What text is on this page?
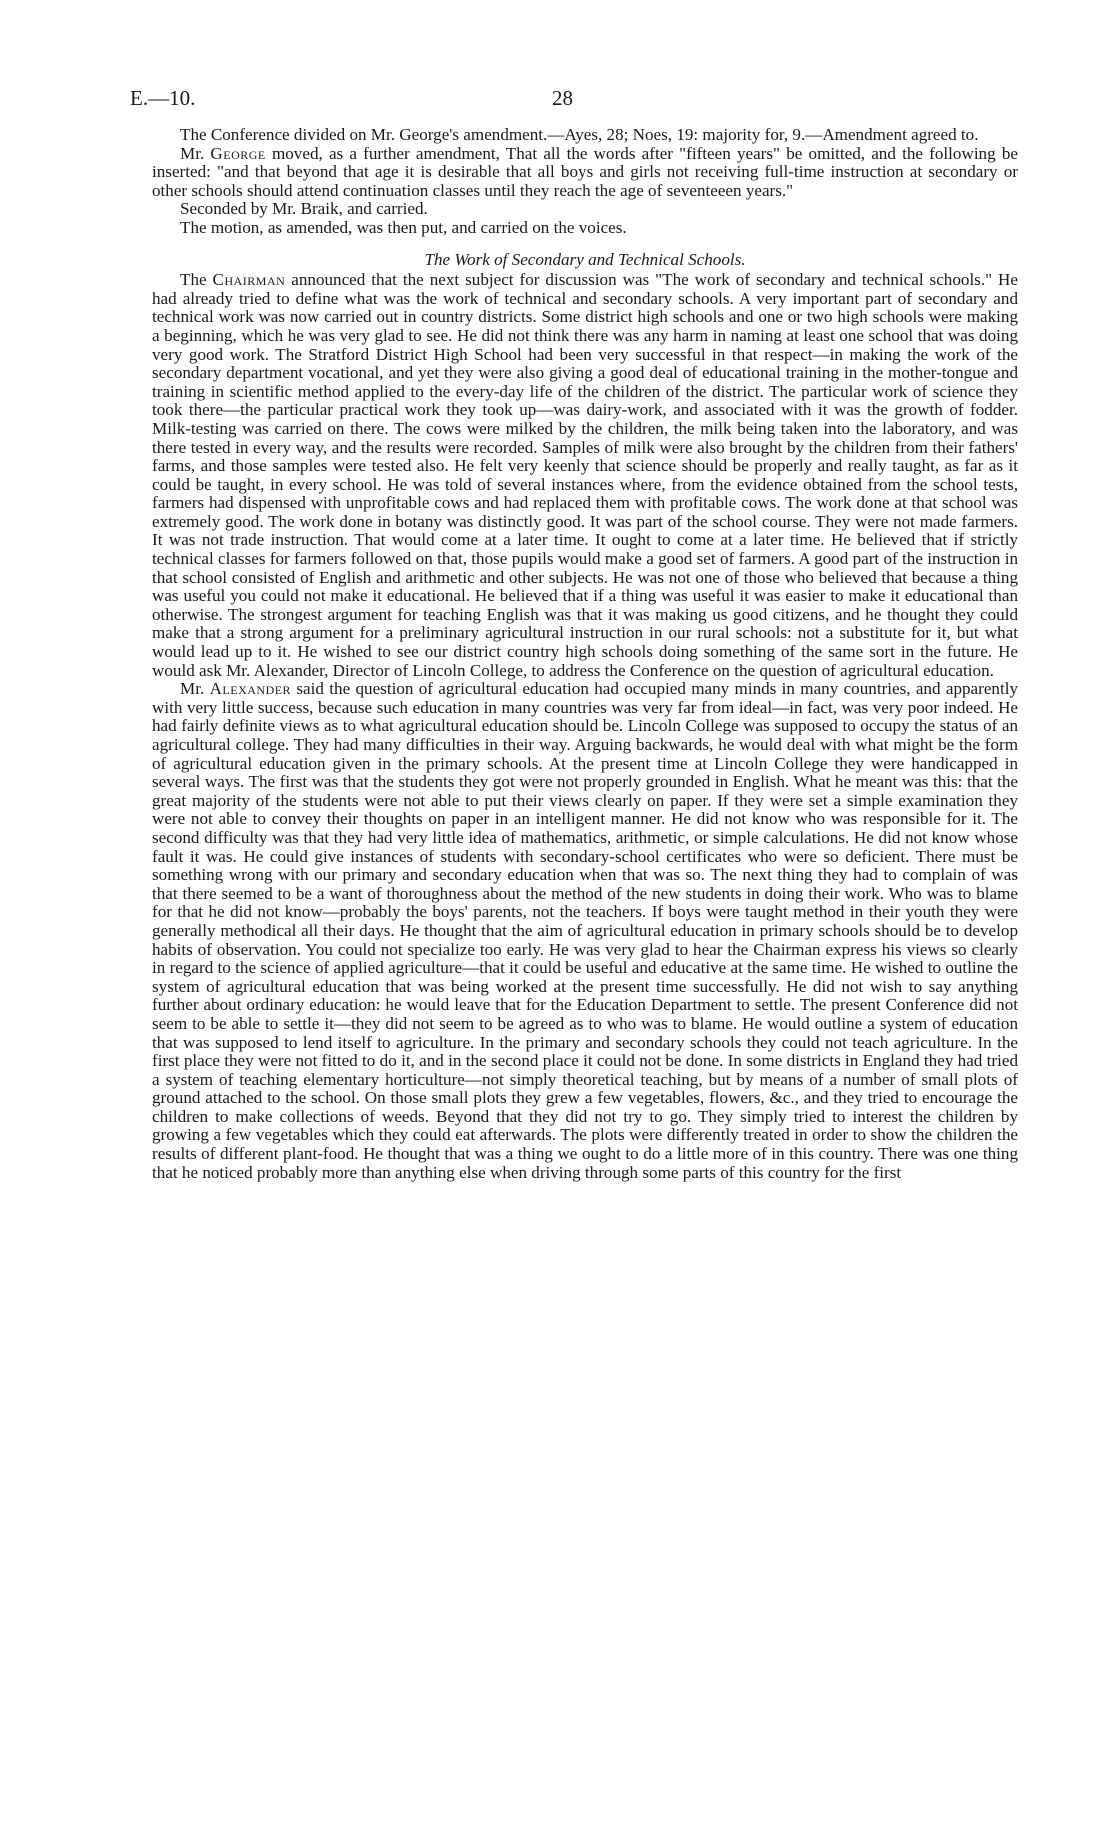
E.—10.	28

The Conference divided on Mr. George's amendment.—Ayes, 28; Noes, 19: majority for, 9.—Amendment agreed to.

Mr. George moved, as a further amendment, That all the words after "fifteen years" be omitted, and the following be inserted: "and that beyond that age it is desirable that all boys and girls not receiving full-time instruction at secondary or other schools should attend continuation classes until they reach the age of seventeeen years."

Seconded by Mr. Braik, and carried.

The motion, as amended, was then put, and carried on the voices.

The Work of Secondary and Technical Schools.

The Chairman announced that the next subject for discussion was "The work of secondary and technical schools." He had already tried to define what was the work of technical and secondary schools. A very important part of secondary and technical work was now carried out in country districts. Some district high schools and one or two high schools were making a beginning, which he was very glad to see. He did not think there was any harm in naming at least one school that was doing very good work. The Stratford District High School had been very successful in that respect—in making the work of the secondary department vocational, and yet they were also giving a good deal of educational training in the mother-tongue and training in scientific method applied to the every-day life of the children of the district. The particular work of science they took there—the particular practical work they took up—was dairy-work, and associated with it was the growth of fodder. Milk-testing was carried on there. The cows were milked by the children, the milk being taken into the laboratory, and was there tested in every way, and the results were recorded. Samples of milk were also brought by the children from their fathers' farms, and those samples were tested also. He felt very keenly that science should be properly and really taught, as far as it could be taught, in every school. He was told of several instances where, from the evidence obtained from the school tests, farmers had dispensed with unprofitable cows and had replaced them with profitable cows. The work done at that school was extremely good. The work done in botany was distinctly good. It was part of the school course. They were not made farmers. It was not trade instruction. That would come at a later time. It ought to come at a later time. He believed that if strictly technical classes for farmers followed on that, those pupils would make a good set of farmers. A good part of the instruction in that school consisted of English and arithmetic and other subjects. He was not one of those who believed that because a thing was useful you could not make it educational. He believed that if a thing was useful it was easier to make it educational than otherwise. The strongest argument for teaching English was that it was making us good citizens, and he thought they could make that a strong argument for a preliminary agricultural instruction in our rural schools: not a substitute for it, but what would lead up to it. He wished to see our district country high schools doing something of the same sort in the future. He would ask Mr. Alexander, Director of Lincoln College, to address the Conference on the question of agricultural education.

Mr. Alexander said the question of agricultural education had occupied many minds in many countries, and apparently with very little success, because such education in many countries was very far from ideal—in fact, was very poor indeed. He had fairly definite views as to what agricultural education should be. Lincoln College was supposed to occupy the status of an agricultural college. They had many difficulties in their way. Arguing backwards, he would deal with what might be the form of agricultural education given in the primary schools. At the present time at Lincoln College they were handicapped in several ways. The first was that the students they got were not properly grounded in English. What he meant was this: that the great majority of the students were not able to put their views clearly on paper. If they were set a simple examination they were not able to convey their thoughts on paper in an intelligent manner. He did not know who was responsible for it. The second difficulty was that they had very little idea of mathematics, arithmetic, or simple calculations. He did not know whose fault it was. He could give instances of students with secondary-school certificates who were so deficient. There must be something wrong with our primary and secondary education when that was so. The next thing they had to complain of was that there seemed to be a want of thoroughness about the method of the new students in doing their work. Who was to blame for that he did not know—probably the boys' parents, not the teachers. If boys were taught method in their youth they were generally methodical all their days. He thought that the aim of agricultural education in primary schools should be to develop habits of observation. You could not specialize too early. He was very glad to hear the Chairman express his views so clearly in regard to the science of applied agriculture—that it could be useful and educative at the same time. He wished to outline the system of agricultural education that was being worked at the present time successfully. He did not wish to say anything further about ordinary education: he would leave that for the Education Department to settle. The present Conference did not seem to be able to settle it—they did not seem to be agreed as to who was to blame. He would outline a system of education that was supposed to lend itself to agriculture. In the primary and secondary schools they could not teach agriculture. In the first place they were not fitted to do it, and in the second place it could not be done. In some districts in England they had tried a system of teaching elementary horticulture—not simply theoretical teaching, but by means of a number of small plots of ground attached to the school. On those small plots they grew a few vegetables, flowers, &c., and they tried to encourage the children to make collections of weeds. Beyond that they did not try to go. They simply tried to interest the children by growing a few vegetables which they could eat afterwards. The plots were differently treated in order to show the children the results of different plant-food. He thought that was a thing we ought to do a little more of in this country. There was one thing that he noticed probably more than anything else when driving through some parts of this country for the first
